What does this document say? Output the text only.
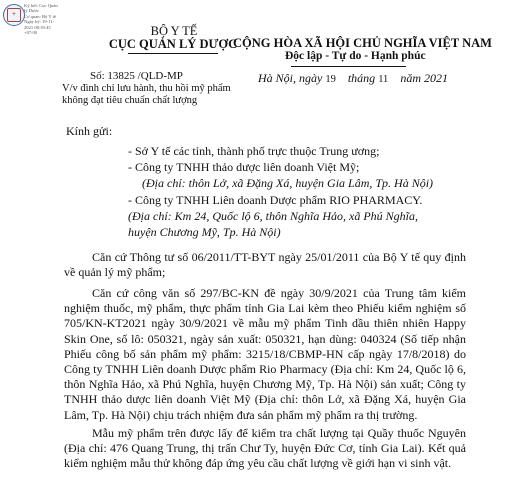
+
Ký bởi: Cục Quản
lý Dược
Cơ quan: Bộ Y tế
Ngày ký: 19-11-
2021 08:39:45
+07:00	BỘ Y TẾ
CỤC QUẢN LÝ DƯỢC
Số: 13825 /QLD-MP
V/v đình chỉ lưu hành, thu hồi mỹ phẩm không đạt tiêu chuẩn chất lượng
CỘNG HÒA XÃ HỘI CHỦ NGHĨA VIỆT NAM
Độc lập - Tự do - Hạnh phúc
Hà Nội, ngày 19 tháng 11 năm 2021
Kính gửi:
- Sở Y tế các tỉnh, thành phố trực thuộc Trung ương;
- Công ty TNHH thảo dược liên doanh Việt Mỹ;
(Địa chỉ: thôn Lở, xã Đặng Xá, huyện Gia Lâm, Tp. Hà Nội)
- Công ty TNHH Liên doanh Dược phẩm RIO PHARMACY.
(Địa chỉ: Km 24, Quốc lộ 6, thôn Nghĩa Hảo, xã Phú Nghĩa,
huyện Chương Mỹ, Tp. Hà Nội)
Căn cứ Thông tư số 06/2011/TT-BYT ngày 25/01/2011 của Bộ Y tế quy định về quản lý mỹ phẩm;
Căn cứ công văn số 297/BC-KN đề ngày 30/9/2021 của Trung tâm kiểm nghiệm thuốc, mỹ phẩm, thực phẩm tỉnh Gia Lai kèm theo Phiếu kiểm nghiệm số 705/KN-KT2021 ngày 30/9/2021 về mẫu mỹ phẩm Tinh dầu thiên nhiên Happy Skin One, số lô: 050321, ngày sản xuất: 050321, hạn dùng: 040324 (Số tiếp nhận Phiếu công bố sản phẩm mỹ phẩm: 3215/18/CBMP-HN cấp ngày 17/8/2018) do Công ty TNHH Liên doanh Dược phẩm Rio Pharmacy (Địa chỉ: Km 24, Quốc lộ 6, thôn Nghĩa Hảo, xã Phú Nghĩa, huyện Chương Mỹ, Tp. Hà Nội) sản xuất; Công ty TNHH thảo dược liên doanh Việt Mỹ (Địa chỉ: thôn Lở, xã Đặng Xá, huyện Gia Lâm, Tp. Hà Nội) chịu trách nhiệm đưa sản phẩm mỹ phẩm ra thị trường.
Mẫu mỹ phẩm trên được lấy để kiểm tra chất lượng tại Quầy thuốc Nguyên (Địa chỉ: 476 Quang Trung, thị trấn Chư Ty, huyện Đức Cơ, tỉnh Gia Lai). Kết quả kiểm nghiệm mẫu thử không đáp ứng yêu cầu chất lượng về giới hạn vi sinh vật.
